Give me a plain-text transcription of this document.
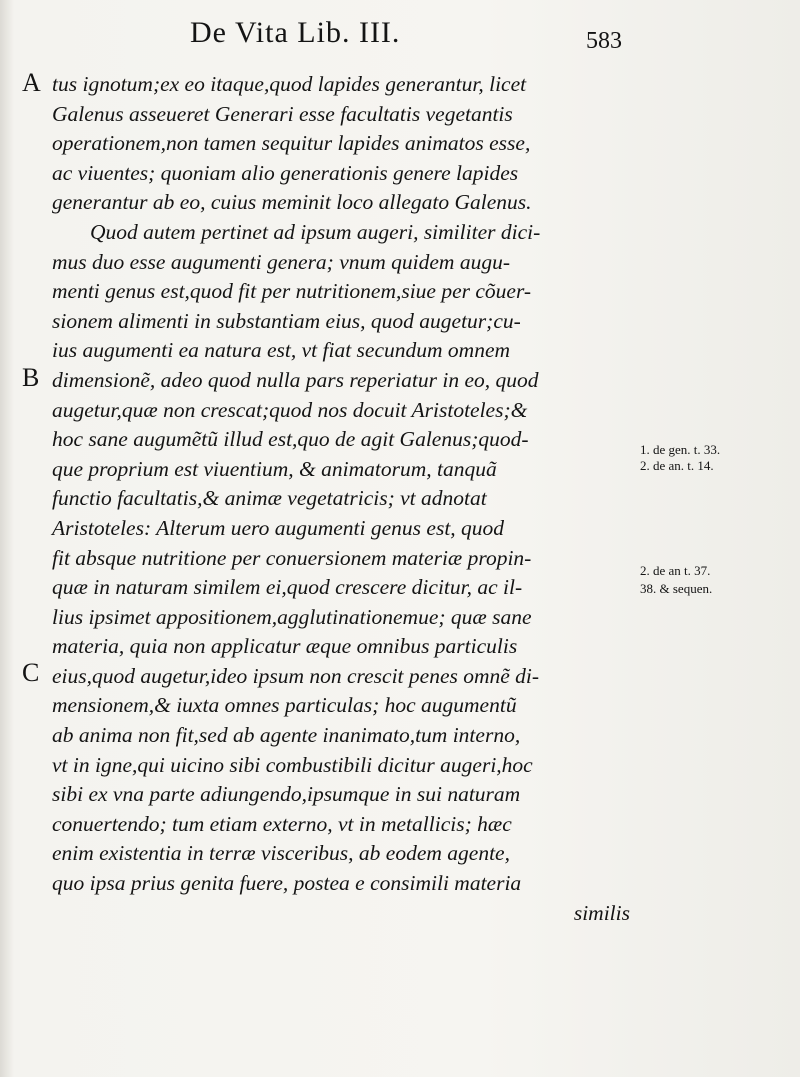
De Vita Lib. III.	583
A
B
C
tus ignotum;ex eo itaque,quod lapides generantur, licet
Galenus asseueret Generari esse facultatis vegetantis
operationem,non tamen sequitur lapides animatos esse,
ac viuentes; quoniam alio generationis genere lapides
generantur ab eo, cuius meminit loco allegato Galenus.
Quod autem pertinet ad ipsum augeri, similiter dici-
mus duo esse augumenti genera; vnum quidem augu-
menti genus est,quod fit per nutritionem,siue per cõuer-
sionem alimenti in substantiam eius, quod augetur;cu-
ius augumenti ea natura est, vt fiat secundum omnem
dimensionẽ, adeo quod nulla pars reperiatur in eo, quod
augetur,quæ non crescat;quod nos docuit Aristoteles;&
hoc sane augumẽtũ illud est,quo de agit Galenus;quod-
que proprium est viuentium, & animatorum, tanquã
functio facultatis,& animæ vegetatricis; vt adnotat
Aristoteles: Alterum uero augumenti genus est, quod
fit absque nutritione per conuersionem materiæ propin-
quæ in naturam similem ei,quod crescere dicitur, ac il-
lius ipsimet appositionem,agglutinationemue; quæ sane
materia, quia non applicatur æque omnibus particulis
eius,quod augetur,ideo ipsum non crescit penes omnẽ di-
mensionem,& iuxta omnes particulas; hoc augumentũ
ab anima non fit,sed ab agente inanimato,tum interno,
vt in igne,qui uicino sibi combustibili dicitur augeri,hoc
sibi ex vna parte adiungendo,ipsumque in sui naturam
conuertendo; tum etiam externo, vt in metallicis; hæc
enim existentia in terræ visceribus, ab eodem agente,
quo ipsa prius genita fuere, postea e consimili materia
similis
1. de gen. t. 33.
2. de an. t. 14.
2. de an t. 37.
38. & sequen.
